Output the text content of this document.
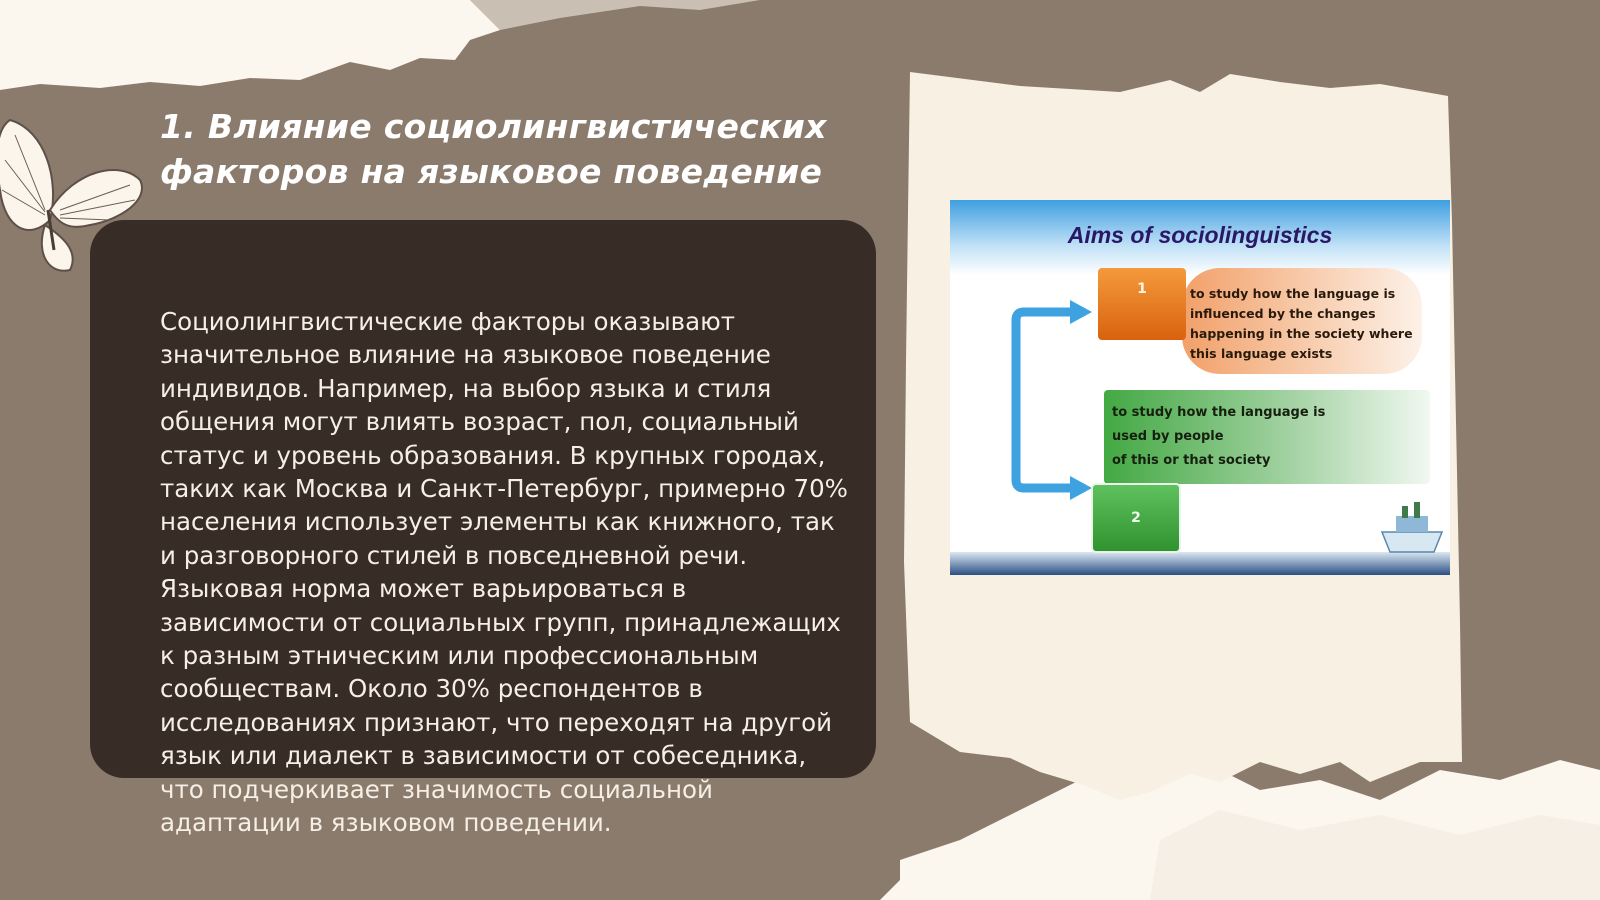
1. Влияние социолингвистических факторов на языковое поведение

Социолингвистические факторы оказывают значительное влияние на языковое поведение индивидов. Например, на выбор языка и стиля общения могут влиять возраст, пол, социальный статус и уровень образования. В крупных городах, таких как Москва и Санкт-Петербург, примерно 70% населения использует элементы как книжного, так и разговорного стилей в повседневной речи. Языковая норма может варьироваться в зависимости от социальных групп, принадлежащих к разным этническим или профессиональным сообществам. Около 30% респондентов в исследованиях признают, что переходят на другой язык или диалект в зависимости от собеседника, что подчеркивает значимость социальной адаптации в языковом поведении.

Aims of sociolinguistics
1	to study how the language is
influenced by the changes
happening in the society where
this language exists
2
to study how the language is
used by people
of this or that society
